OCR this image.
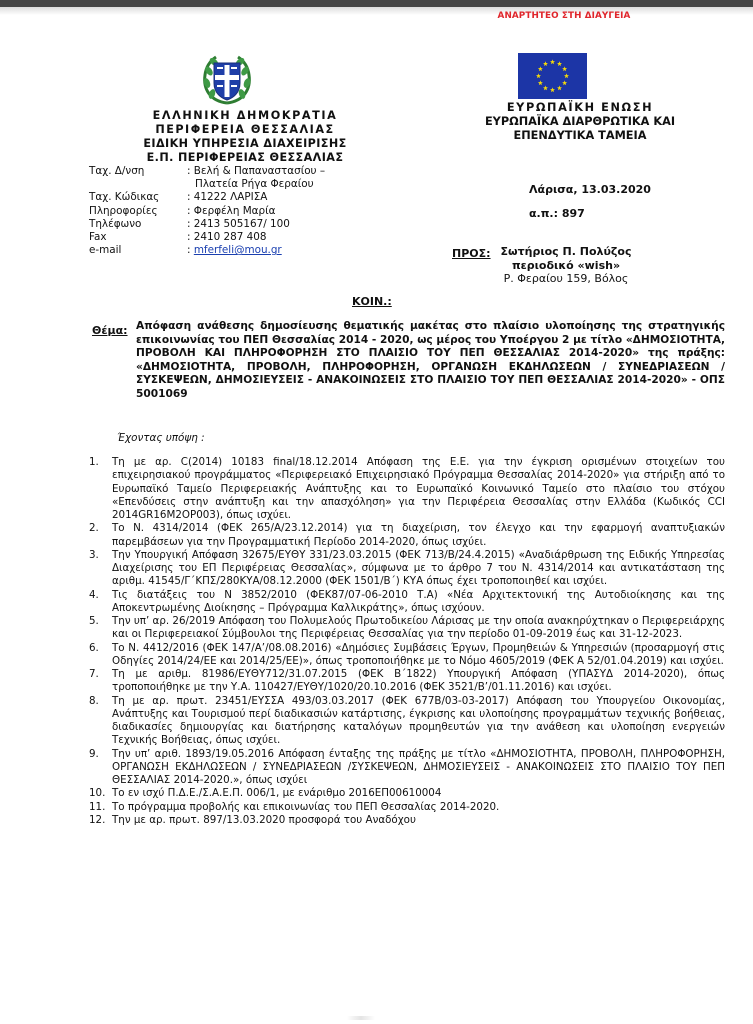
ΕΛΛΗΝΙΚΗ ΔΗΜΟΚΡΑΤΙΑ
ΠΕΡΙΦΕΡΕΙΑ ΘΕΣΣΑΛΙΑΣ
ΕΙΔΙΚΗ ΥΠΗΡΕΣΙΑ ΔΙΑΧΕΙΡΙΣΗΣ
Ε.Π. ΠΕΡΙΦΕΡΕΙΑΣ ΘΕΣΣΑΛΙΑΣ
Ταχ. Δ/νση	: Βελή & Παπαναστασίου –
Πλατεία Ρήγα Φεραίου
Ταχ. Κώδικας	: 41222 ΛΑΡΙΣΑ
Πληροφορίες	: Φερφέλη Μαρία
Τηλέφωνο	: 2413 505167/ 100
Fax	: 2410 287 408
e-mail	: mferfeli@mou.gr
ΑΝΑΡΤΗΤΕΟ ΣΤΗ ΔΙΑΥΓΕΙΑ
ΕΥΡΩΠΑΪΚΗ ΕΝΩΣΗ
ΕΥΡΩΠΑΪΚΑ ΔΙΑΡΘΡΩΤΙΚΑ ΚΑΙ
ΕΠΕΝΔΥΤΙΚΑ ΤΑΜΕΙΑ
Λάρισα, 13.03.2020
α.π.: 897
ΠΡΟΣ: Σωτήριος Π. Πολύζος
περιοδικό «wish»
Ρ. Φεραίου 159, Βόλος
ΚΟΙΝ.:
Θέμα: Απόφαση ανάθεσης δημοσίευσης θεματικής μακέτας στο πλαίσιο υλοποίησης της στρατηγικής επικοινωνίας του ΠΕΠ Θεσσαλίας 2014 - 2020, ως μέρος του Υποέργου 2 με τίτλο «ΔΗΜΟΣΙΟΤΗΤΑ, ΠΡΟΒΟΛΗ ΚΑΙ ΠΛΗΡΟΦΟΡΗΣΗ ΣΤΟ ΠΛΑΙΣΙΟ ΤΟΥ ΠΕΠ ΘΕΣΣΑΛΙΑΣ 2014-2020» της πράξης: «ΔΗΜΟΣΙΟΤΗΤΑ, ΠΡΟΒΟΛΗ, ΠΛΗΡΟΦΟΡΗΣΗ, ΟΡΓΑΝΩΣΗ ΕΚΔΗΛΩΣΕΩΝ / ΣΥΝΕΔΡΙΑΣΕΩΝ /ΣΥΣΚΕΨΕΩΝ, ΔΗΜΟΣΙΕΥΣΕΙΣ - ΑΝΑΚΟΙΝΩΣΕΙΣ ΣΤΟ ΠΛΑΙΣΙΟ ΤΟΥ ΠΕΠ ΘΕΣΣΑΛΙΑΣ 2014-2020» - ΟΠΣ 5001069
Έχοντας υπόψη :
1.	Τη με αρ. C(2014) 10183 final/18.12.2014 Απόφαση της Ε.Ε. για την έγκριση ορισμένων στοιχείων του επιχειρησιακού προγράμματος «Περιφερειακό Επιχειρησιακό Πρόγραμμα Θεσσαλίας 2014-2020» για στήριξη από το Ευρωπαϊκό Ταμείο Περιφερειακής Ανάπτυξης και το Ευρωπαϊκό Κοινωνικό Ταμείο στο πλαίσιο του στόχου «Επενδύσεις στην ανάπτυξη και την απασχόληση» για την Περιφέρεια Θεσσαλίας στην Ελλάδα (Κωδικός CCI 2014GR16M2OP003), όπως ισχύει.
2.	Το Ν. 4314/2014 (ΦΕΚ 265/Α/23.12.2014) για τη διαχείριση, τον έλεγχο και την εφαρμογή αναπτυξιακών παρεμβάσεων για την Προγραμματική Περίοδο 2014-2020, όπως ισχύει.
3.	Την Υπουργική Απόφαση 32675/ΕΥΘΥ 331/23.03.2015 (ΦΕΚ 713/Β/24.4.2015) «Αναδιάρθρωση της Ειδικής Υπηρεσίας Διαχείρισης του ΕΠ Περιφέρειας Θεσσαλίας», σύμφωνα με το άρθρο 7 του Ν. 4314/2014 και αντικατάσταση της αριθμ. 41545/Γ΄ΚΠΣ/280ΚΥΑ/08.12.2000 (ΦΕΚ 1501/Β΄) ΚΥΑ όπως έχει τροποποιηθεί και ισχύει.
4.	Τις διατάξεις του Ν 3852/2010 (ΦΕΚ87/07-06-2010 Τ.Α) «Νέα Αρχιτεκτονική της Αυτοδιοίκησης και της Αποκεντρωμένης Διοίκησης – Πρόγραμμα Καλλικράτης», όπως ισχύουν.
5.	Την υπ’ αρ. 26/2019 Απόφαση του Πολυμελούς Πρωτοδικείου Λάρισας με την οποία ανακηρύχτηκαν ο Περιφερειάρχης και οι Περιφερειακοί Σύμβουλοι της Περιφέρειας Θεσσαλίας για την περίοδο 01-09-2019 έως και 31-12-2023.
6.	Το Ν. 4412/2016 (ΦΕΚ 147/Α’/08.08.2016) «Δημόσιες Συμβάσεις Έργων, Προμηθειών & Υπηρεσιών (προσαρμογή στις Οδηγίες 2014/24/ΕΕ και 2014/25/ΕΕ)», όπως τροποποιήθηκε με το Νόμο 4605/2019 (ΦΕΚ Α 52/01.04.2019) και ισχύει.
7.	Τη με αριθμ. 81986/ΕΥΘΥ712/31.07.2015 (ΦΕΚ Β΄1822) Υπουργική Απόφαση (ΥΠΑΣΥΔ 2014-2020), όπως τροποποιήθηκε με την Υ.Α. 110427/ΕΥΘΥ/1020/20.10.2016 (ΦΕΚ 3521/Β’/01.11.2016) και ισχύει.
8.	Τη με αρ. πρωτ. 23451/ΕΥΣΣΑ 493/03.03.2017 (ΦΕΚ 677Β/03-03-2017) Απόφαση του Υπουργείου Οικονομίας, Ανάπτυξης και Τουρισμού περί διαδικασιών κατάρτισης, έγκρισης και υλοποίησης προγραμμάτων τεχνικής βοήθειας, διαδικασίες δημιουργίας και διατήρησης καταλόγων προμηθευτών για την ανάθεση και υλοποίηση ενεργειών Τεχνικής Βοήθειας, όπως ισχύει.
9.	Την υπ’ αριθ. 1893/19.05.2016 Απόφαση ένταξης της πράξης με τίτλο «ΔΗΜΟΣΙΟΤΗΤΑ, ΠΡΟΒΟΛΗ, ΠΛΗΡΟΦΟΡΗΣΗ, ΟΡΓΑΝΩΣΗ ΕΚΔΗΛΩΣΕΩΝ / ΣΥΝΕΔΡΙΑΣΕΩΝ /ΣΥΣΚΕΨΕΩΝ, ΔΗΜΟΣΙΕΥΣΕΙΣ - ΑΝΑΚΟΙΝΩΣΕΙΣ ΣΤΟ ΠΛΑΙΣΙΟ ΤΟΥ ΠΕΠ ΘΕΣΣΑΛΙΑΣ 2014-2020.», όπως ισχύει
10. Το εν ισχύ Π.Δ.Ε./Σ.Α.Ε.Π. 006/1, με ενάριθμο 2016ΕΠ00610004
11. Το πρόγραμμα προβολής και επικοινωνίας του ΠΕΠ Θεσσαλίας 2014-2020.
12. Την με αρ. πρωτ. 897/13.03.2020 προσφορά του Αναδόχου
